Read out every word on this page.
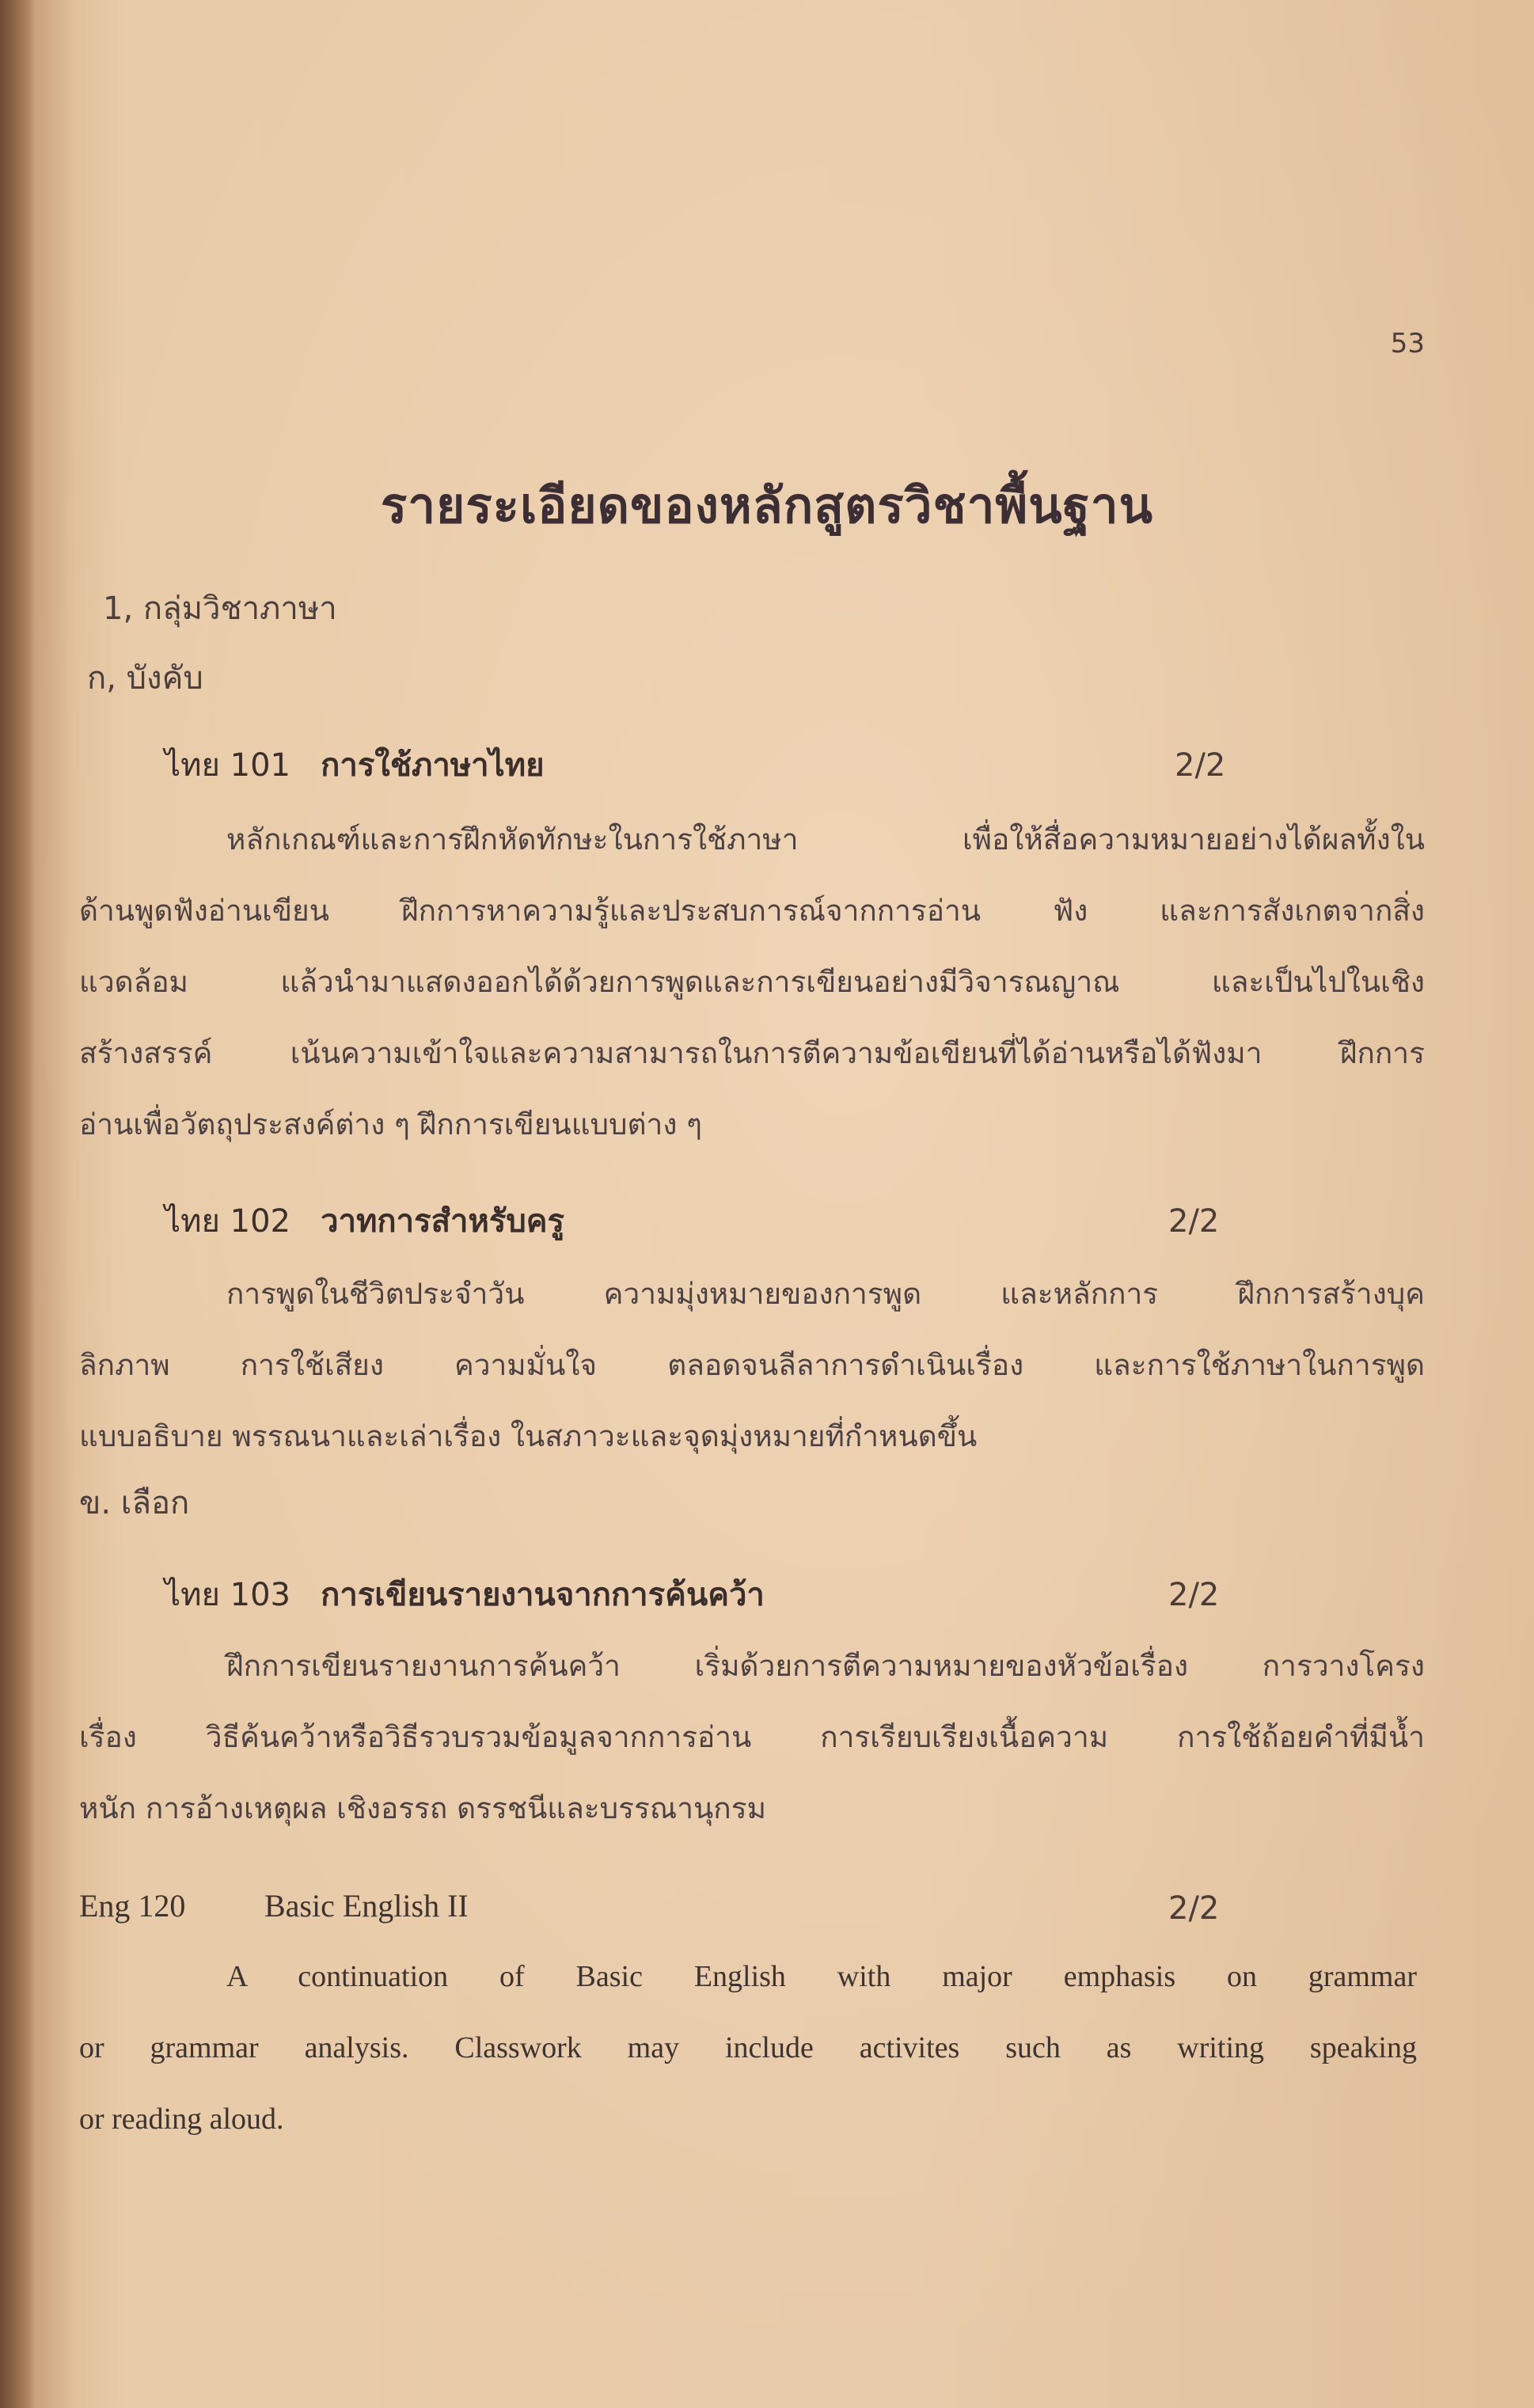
53
รายระเอียดของหลักสูตรวิชาพื้นฐาน
1, กลุ่มวิชาภาษา
ก, บังคับ
ไทย 101 การใช้ภาษาไทย	2/2
หลักเกณฑ์และการฝึกหัดทักษะในการใช้ภาษา เพื่อให้สื่อความหมายอย่างได้ผลทั้งใน
ด้านพูดฟังอ่านเขียน ฝึกการหาความรู้และประสบการณ์จากการอ่าน ฟัง และการสังเกตจากสิ่ง
แวดล้อม แล้วนำมาแสดงออกได้ด้วยการพูดและการเขียนอย่างมีวิจารณญาณ และเป็นไปในเชิง
สร้างสรรค์ เน้นความเข้าใจและความสามารถในการตีความข้อเขียนที่ได้อ่านหรือได้ฟังมา ฝึกการ
อ่านเพื่อวัตถุประสงค์ต่าง ๆ ฝึกการเขียนแบบต่าง ๆ
ไทย 102 วาทการสำหรับครู	2/2
การพูดในชีวิตประจำวัน ความมุ่งหมายของการพูด และหลักการ ฝึกการสร้างบุค
ลิกภาพ การใช้เสียง ความมั่นใจ ตลอดจนลีลาการดำเนินเรื่อง และการใช้ภาษาในการพูด
แบบอธิบาย พรรณนาและเล่าเรื่อง ในสภาวะและจุดมุ่งหมายที่กำหนดขึ้น
ข. เลือก
ไทย 103 การเขียนรายงานจากการค้นคว้า	2/2
ฝึกการเขียนรายงานการค้นคว้า เริ่มด้วยการตีความหมายของหัวข้อเรื่อง การวางโครง
เรื่อง วิธีค้นคว้าหรือวิธีรวบรวมข้อมูลจากการอ่าน การเรียบเรียงเนื้อความ การใช้ถ้อยคำที่มีน้ำ
หนัก การอ้างเหตุผล เชิงอรรถ ดรรชนีและบรรณานุกรม
Eng 120 Basic English II	2/2
A continuation of Basic English with major emphasis on grammar
or grammar analysis. Classwork may include activites such as writing speaking
or reading aloud.
